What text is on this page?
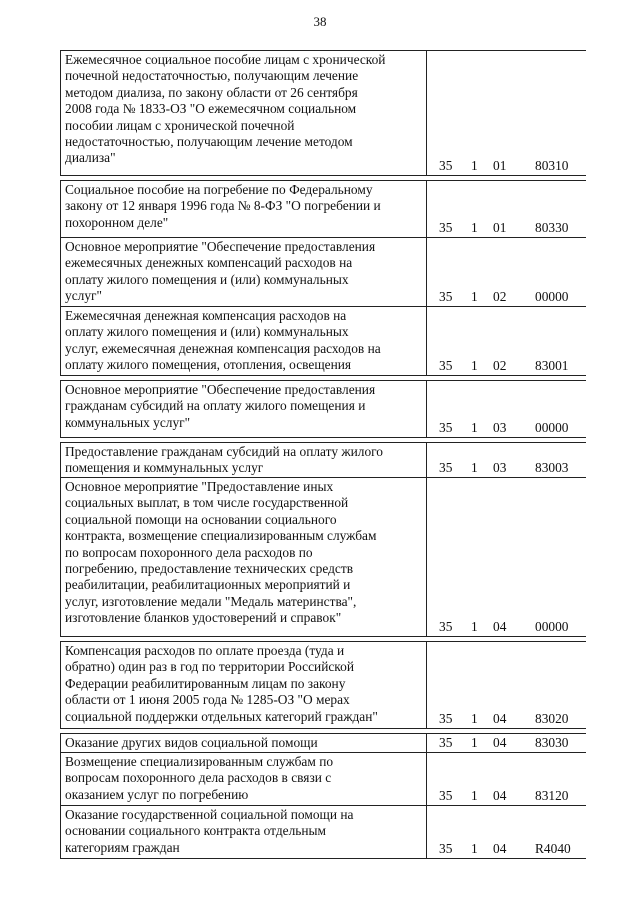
38
Ежемесячное социальное пособие лицам с хронической
почечной недостаточностью, получающим лечение
методом диализа, по закону области от 26 сентября
2008 года № 1833-ОЗ "О ежемесячном социальном
пособии лицам с хронической почечной
недостаточностью, получающим лечение методом
диализа"
35 1 01 80310
Социальное пособие на погребение по Федеральному
закону от 12 января 1996 года № 8-ФЗ "О погребении и
похоронном деле"	35 1 01 80330
Основное мероприятие "Обеспечение предоставления
ежемесячных денежных компенсаций расходов на
оплату жилого помещения и (или) коммунальных
услуг"	35 1 02 00000
Ежемесячная денежная компенсация расходов на
оплату жилого помещения и (или) коммунальных
услуг, ежемесячная денежная компенсация расходов на
оплату жилого помещения, отопления, освещения	35 1 02 83001
Основное мероприятие "Обеспечение предоставления
гражданам субсидий на оплату жилого помещения и
коммунальных услуг"	35 1 03 00000
Предоставление гражданам субсидий на оплату жилого
помещения и коммунальных услуг	35 1 03 83003
Основное мероприятие "Предоставление иных
социальных выплат, в том числе государственной
социальной помощи на основании социального
контракта, возмещение специализированным службам
по вопросам похоронного дела расходов по
погребению, предоставление технических средств
реабилитации, реабилитационных мероприятий и
услуг, изготовление медали "Медаль материнства",
изготовление бланков удостоверений и справок"
35 1 04 00000
Компенсация расходов по оплате проезда (туда и
обратно) один раз в год по территории Российской
Федерации реабилитированным лицам по закону
области от 1 июня 2005 года № 1285-ОЗ "О мерах
социальной поддержки отдельных категорий граждан"	35 1 04 83020
Оказание других видов социальной помощи	35 1 04 83030
Возмещение специализированным службам по
вопросам похоронного дела расходов в связи с
оказанием услуг по погребению	35 1 04 83120
Оказание государственной социальной помощи на
основании социального контракта отдельным
категориям граждан	35 1 04 R4040
